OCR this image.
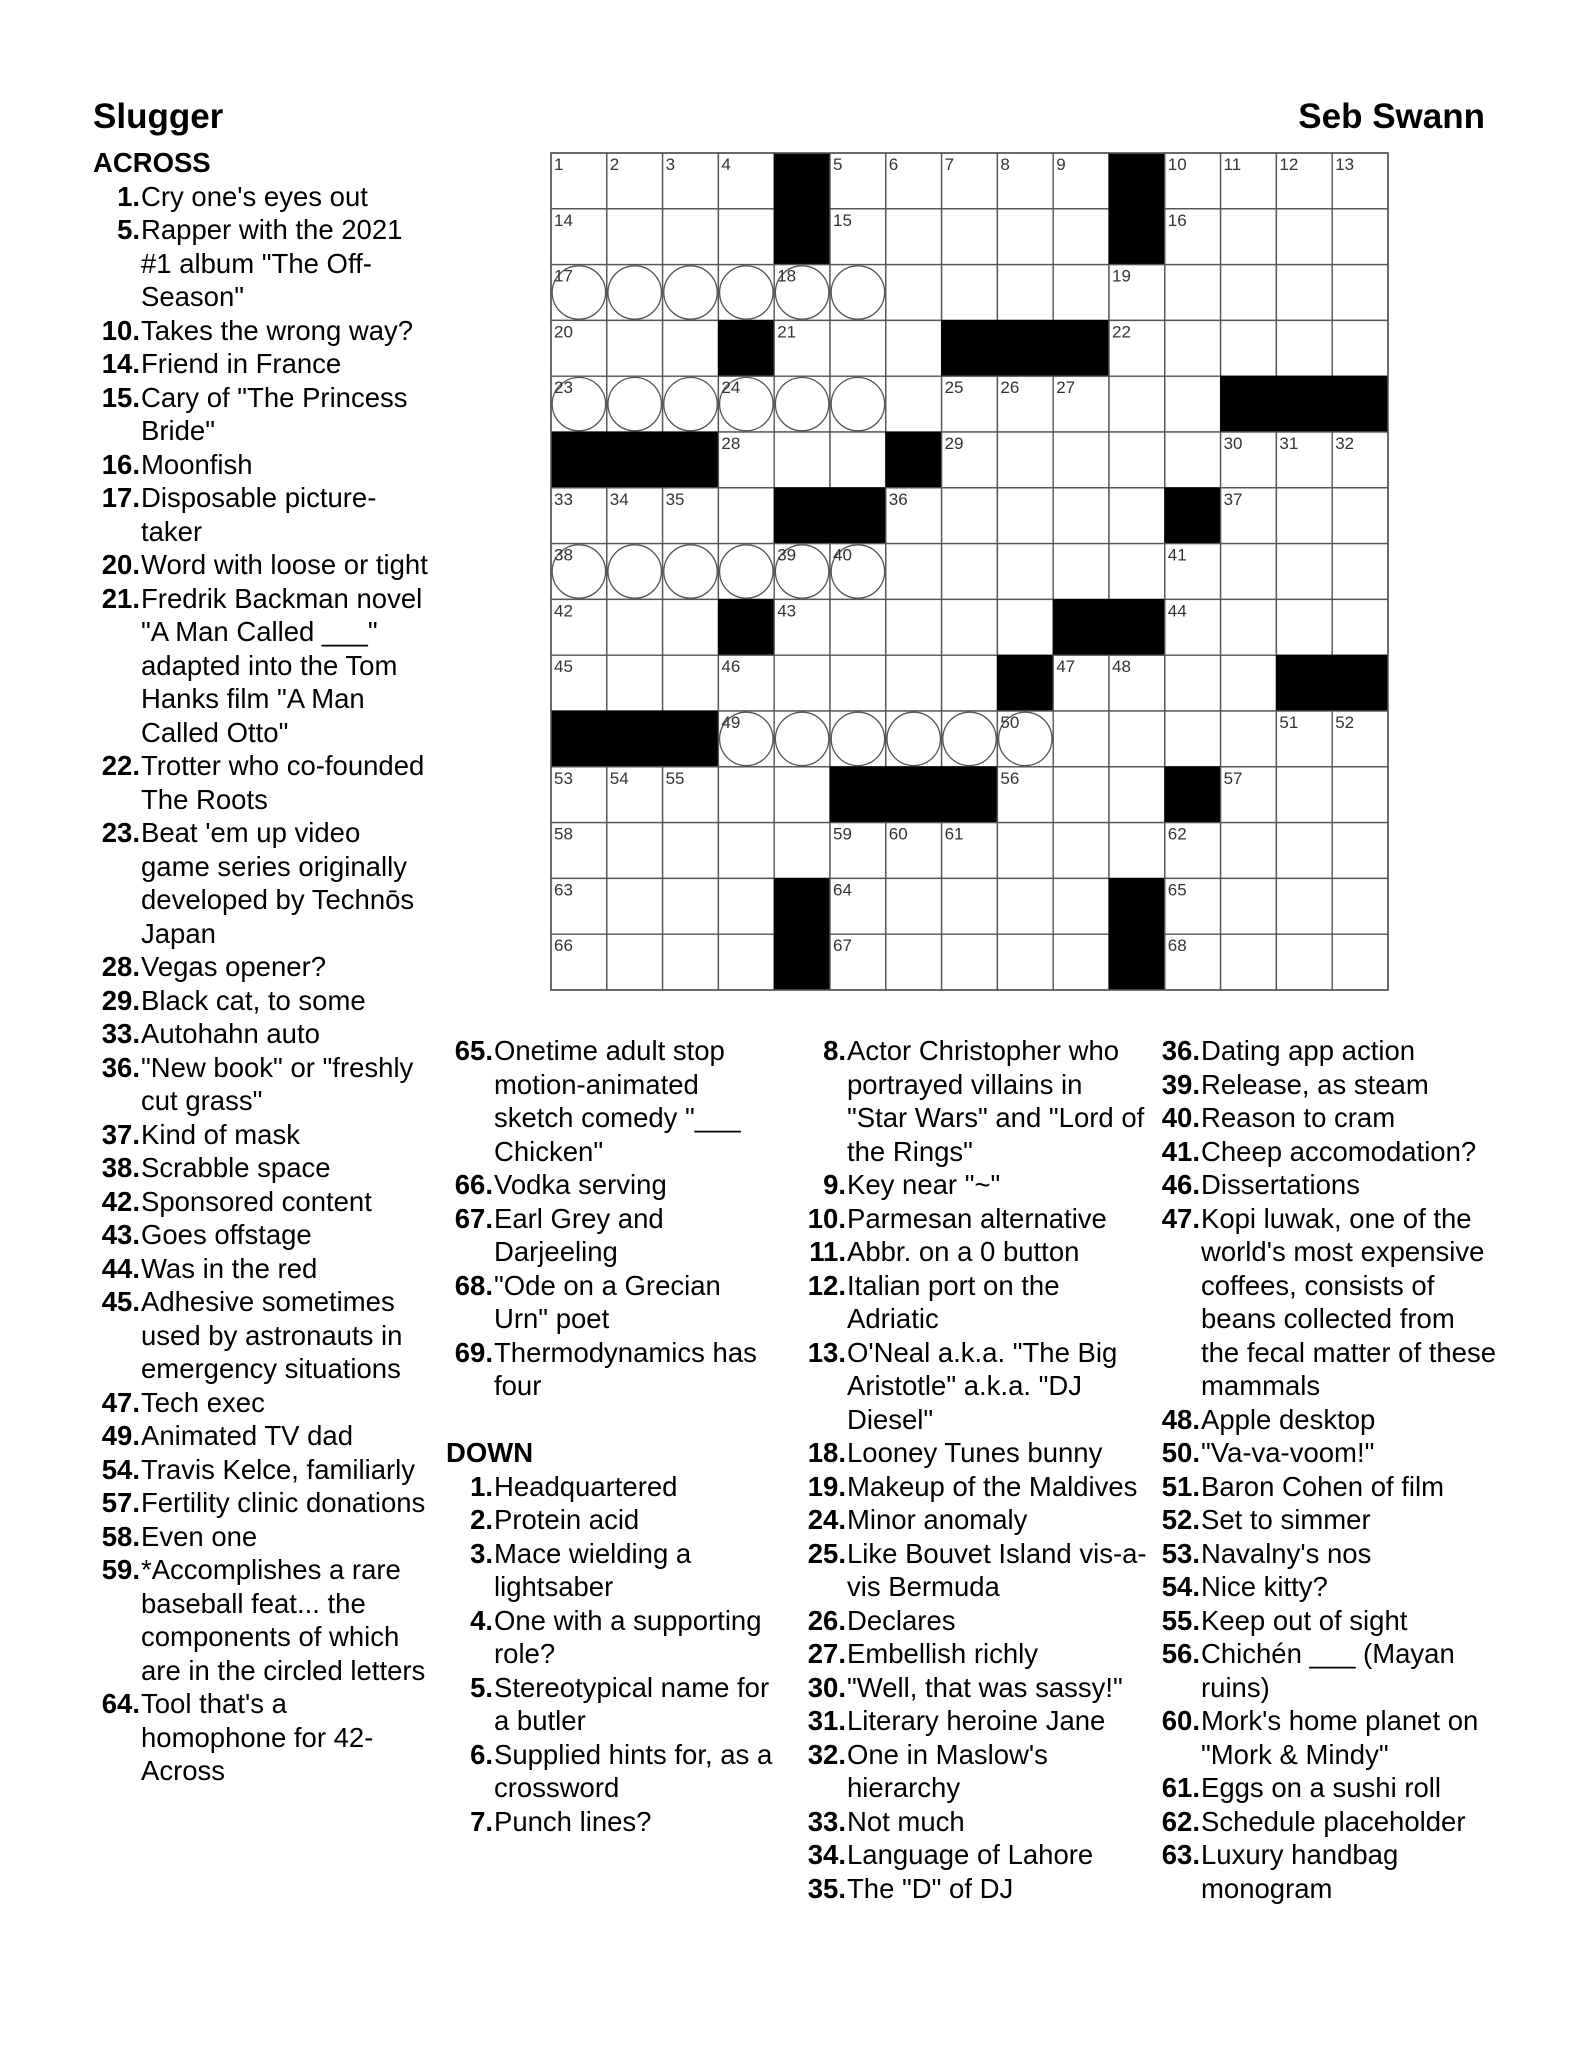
Slugger	Seb Swann
ACROSS
1. Cry one's eyes out
5. Rapper with the 2021 #1 album "The Off-Season"
10. Takes the wrong way?
14. Friend in France
15. Cary of "The Princess Bride"
16. Moonfish
17. Disposable picture-taker
20. Word with loose or tight
21. Fredrik Backman novel "A Man Called ___" adapted into the Tom Hanks film "A Man Called Otto"
22. Trotter who co-founded The Roots
23. Beat 'em up video game series originally developed by Technōs Japan
28. Vegas opener?
29. Black cat, to some
33. Autohahn auto
36. "New book" or "freshly cut grass"
37. Kind of mask
38. Scrabble space
42. Sponsored content
43. Goes offstage
44. Was in the red
45. Adhesive sometimes used by astronauts in emergency situations
47. Tech exec
49. Animated TV dad
54. Travis Kelce, familiarly
57. Fertility clinic donations
58. Even one
59. *Accomplishes a rare baseball feat... the components of which are in the circled letters
64. Tool that's a homophone for 42-Across
65. Onetime adult stop motion-animated sketch comedy "___ Chicken"
66. Vodka serving
67. Earl Grey and Darjeeling
68. "Ode on a Grecian Urn" poet
69. Thermodynamics has four
DOWN
1. Headquartered
2. Protein acid
3. Mace wielding a lightsaber
4. One with a supporting role?
5. Stereotypical name for a butler
6. Supplied hints for, as a crossword
7. Punch lines?
8. Actor Christopher who portrayed villains in "Star Wars" and "Lord of the Rings"
9. Key near "~"
10. Parmesan alternative
11. Abbr. on a 0 button
12. Italian port on the Adriatic
13. O'Neal a.k.a. "The Big Aristotle" a.k.a. "DJ Diesel"
18. Looney Tunes bunny
19. Makeup of the Maldives
24. Minor anomaly
25. Like Bouvet Island vis-a-vis Bermuda
26. Declares
27. Embellish richly
30. "Well, that was sassy!"
31. Literary heroine Jane
32. One in Maslow's hierarchy
33. Not much
34. Language of Lahore
35. The "D" of DJ
36. Dating app action
39. Release, as steam
40. Reason to cram
41. Cheep accomodation?
46. Dissertations
47. Kopi luwak, one of the world's most expensive coffees, consists of beans collected from the fecal matter of these mammals
48. Apple desktop
50. "Va-va-voom!"
51. Baron Cohen of film
52. Set to simmer
53. Navalny's nos
54. Nice kitty?
55. Keep out of sight
56. Chichén ___ (Mayan ruins)
60. Mork's home planet on "Mork & Mindy"
61. Eggs on a sushi roll
62. Schedule placeholder
63. Luxury handbag monogram
1	2	3	4	5	6	7	8	9	10 11 12 13
14	15	16
17	18	19
20	21	22
23	24	25 26 27
28	29	30 31 32
33 34 35	36	37
38	39 40	41
42	43	44
45	46	47 48
49	50	51 52
53 54 55	56	57
58	59 60 61	62
63	64	65
66	67	68
